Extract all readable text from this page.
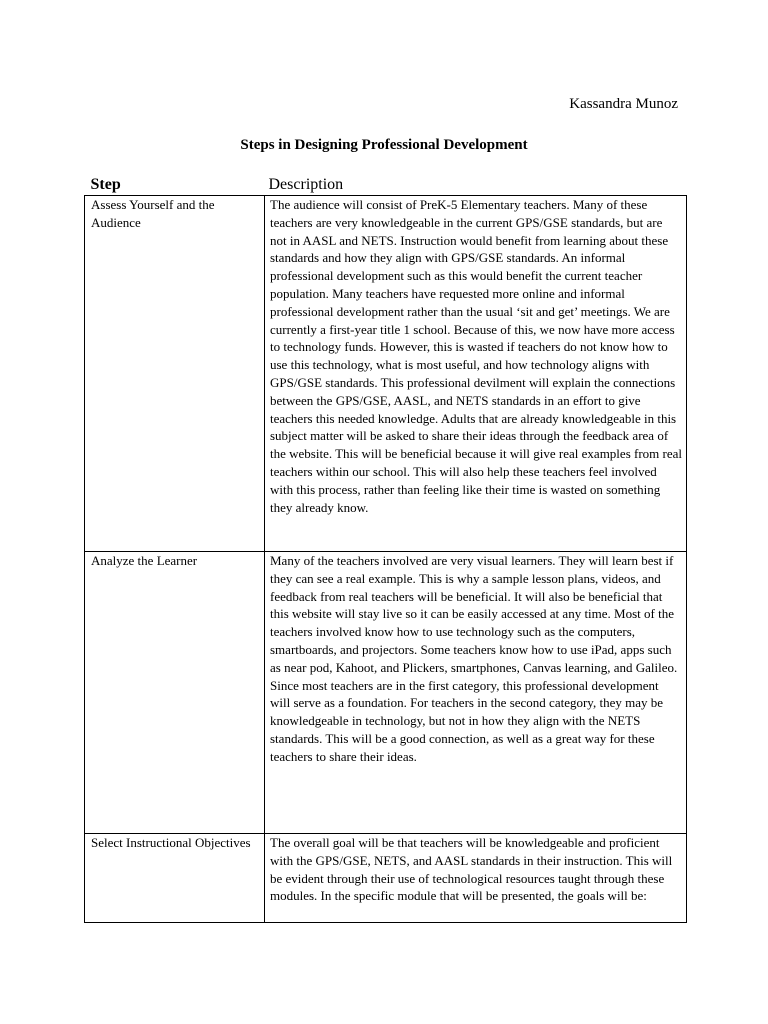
Kassandra Munoz
Steps in Designing Professional Development
Step	Description
Assess Yourself and the Audience	The audience will consist of PreK-5 Elementary teachers. Many of these teachers are very knowledgeable in the current GPS/GSE standards, but are not in AASL and NETS. Instruction would benefit from learning about these standards and how they align with GPS/GSE standards. An informal professional development such as this would benefit the current teacher population. Many teachers have requested more online and informal professional development rather than the usual ‘sit and get’ meetings. We are currently a first-year title 1 school. Because of this, we now have more access to technology funds. However, this is wasted if teachers do not know how to use this technology, what is most useful, and how technology aligns with GPS/GSE standards. This professional devilment will explain the connections between the GPS/GSE, AASL, and NETS standards in an effort to give teachers this needed knowledge. Adults that are already knowledgeable in this subject matter will be asked to share their ideas through the feedback area of the website. This will be beneficial because it will give real examples from real teachers within our school. This will also help these teachers feel involved with this process, rather than feeling like their time is wasted on something they already know.
Analyze the Learner	Many of the teachers involved are very visual learners. They will learn best if they can see a real example. This is why a sample lesson plans, videos, and feedback from real teachers will be beneficial. It will also be beneficial that this website will stay live so it can be easily accessed at any time. Most of the teachers involved know how to use technology such as the computers, smartboards, and projectors. Some teachers know how to use iPad, apps such as near pod, Kahoot, and Plickers, smartphones, Canvas learning, and Galileo. Since most teachers are in the first category, this professional development will serve as a foundation. For teachers in the second category, they may be knowledgeable in technology, but not in how they align with the NETS standards. This will be a good connection, as well as a great way for these teachers to share their ideas.
Select Instructional Objectives	The overall goal will be that teachers will be knowledgeable and proficient with the GPS/GSE, NETS, and AASL standards in their instruction. This will be evident through their use of technological resources taught through these modules. In the specific module that will be presented, the goals will be:
